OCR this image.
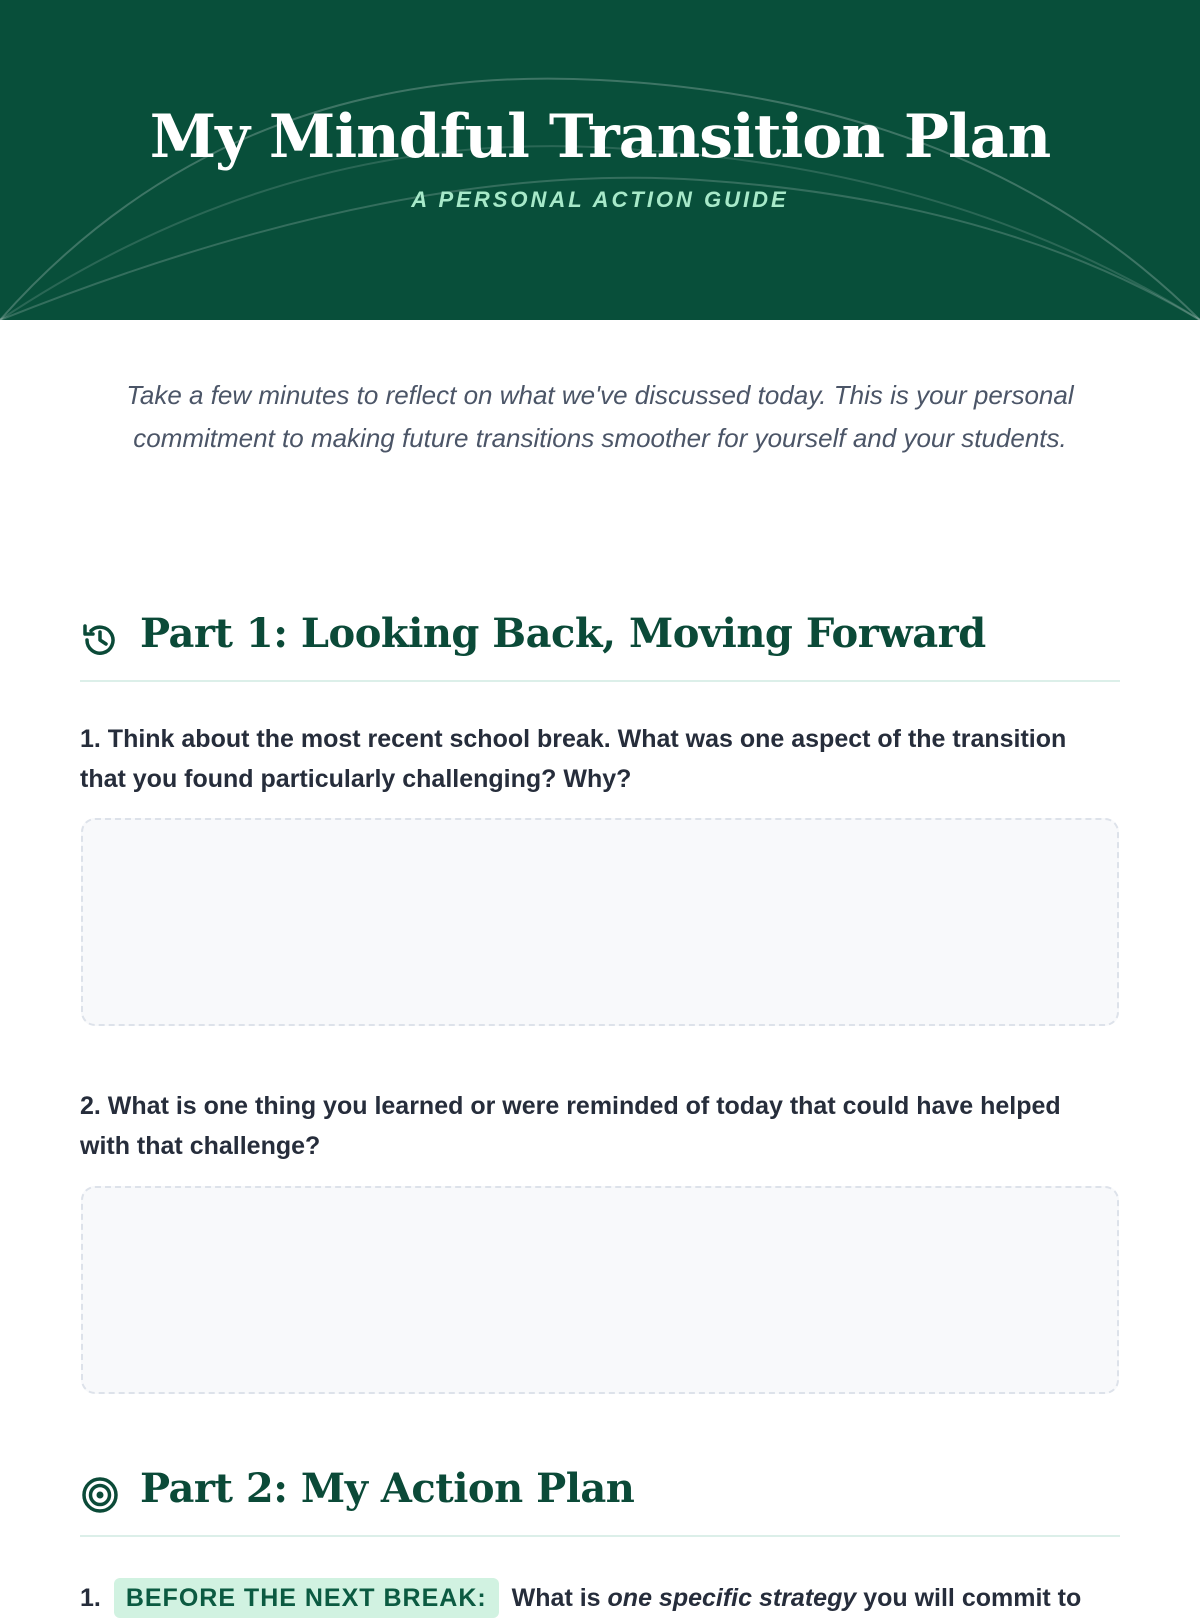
My Mindful Transition Plan
A PERSONAL ACTION GUIDE
Take a few minutes to reflect on what we've discussed today. This is your personal commitment to making future transitions smoother for yourself and your students.
Part 1: Looking Back, Moving Forward
1. Think about the most recent school break. What was one aspect of the transition that you found particularly challenging? Why?
2. What is one thing you learned or were reminded of today that could have helped with that challenge?
Part 2: My Action Plan
1. BEFORE THE NEXT BREAK: What is one specific strategy you will commit to
